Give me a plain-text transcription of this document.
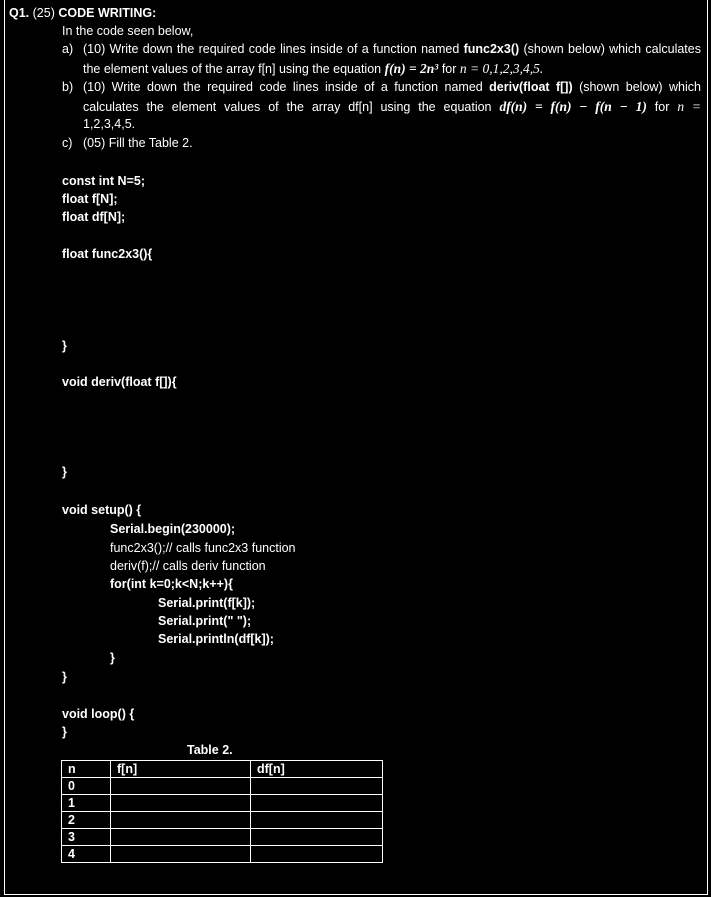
Q1. (25) CODE WRITING:
In the code seen below,
a) (10) Write down the required code lines inside of a function named func2x3() (shown below) which calculates
the element values of the array f[n] using the equation f(n) = 2n³ for n = 0,1,2,3,4,5.
b) (10) Write down the required code lines inside of a function named deriv(float f[]) (shown below) which
calculates the element values of the array df[n] using the equation df(n) = f(n) − f(n − 1) for n =
1,2,3,4,5.
c) (05) Fill the Table 2.
const int N=5;
float f[N];
float df[N];
float func2x3(){
}
void deriv(float f[]){
}
void setup() {
Serial.begin(230000);
func2x3();// calls func2x3 function
deriv(f);// calls deriv function
for(int k=0;k<N;k++){
Serial.print(f[k]);
Serial.print(" ");
Serial.println(df[k]);
}
}
void loop() {
}
Table 2.
n	f[n]	df[n]
0		
1		
2		
3		
4		
